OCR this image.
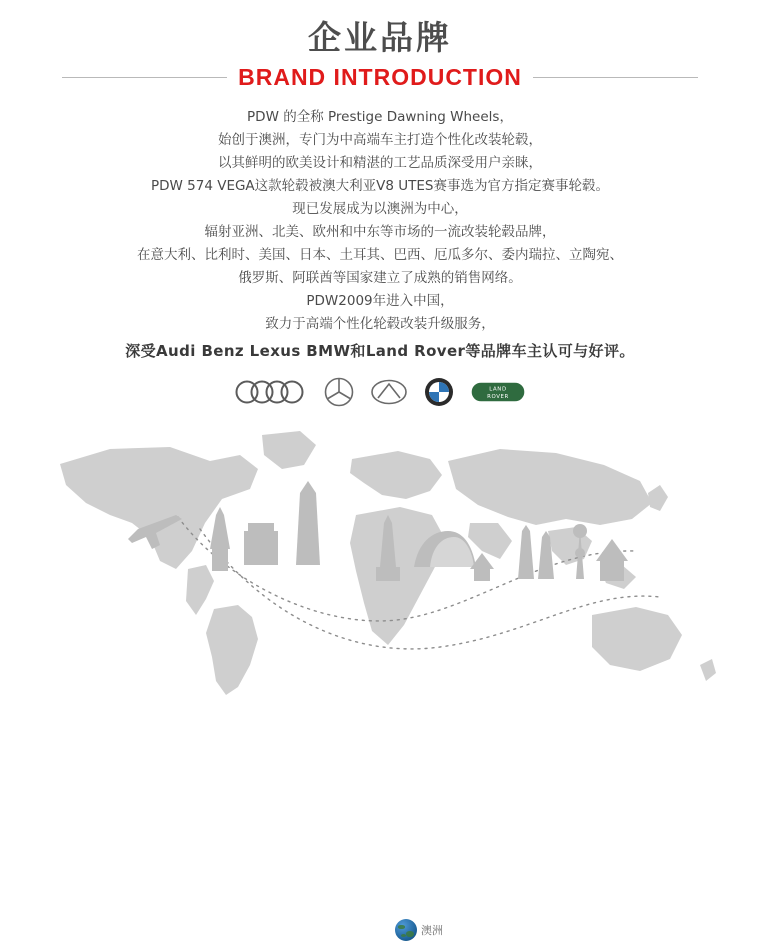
企业品牌
BRAND INTRODUCTION

PDW 的全称 Prestige Dawning Wheels，

始创于澳洲，专门为中高端车主打造个性化改装轮毂，

以其鲜明的欧美设计和精湛的工艺品质深受用户亲睐，

PDW 574 VEGA这款轮毂被澳大利亚V8 UTES赛事选为官方指定赛事轮毂。

现已发展成为以澳洲为中心，

辐射亚洲、北美、欧州和中东等市场的一流改装轮毂品牌，

在意大利、比利时、美国、日本、土耳其、巴西、厄瓜多尔、委内瑞拉、立陶宛、

俄罗斯、阿联酋等国家建立了成熟的销售网络。

PDW2009年进入中国，

致力于高端个性化轮毂改装升级服务，

深受Audi Benz Lexus BMW和Land Rover等品牌车主认可与好评。

LAND
ROVER
澳洲
